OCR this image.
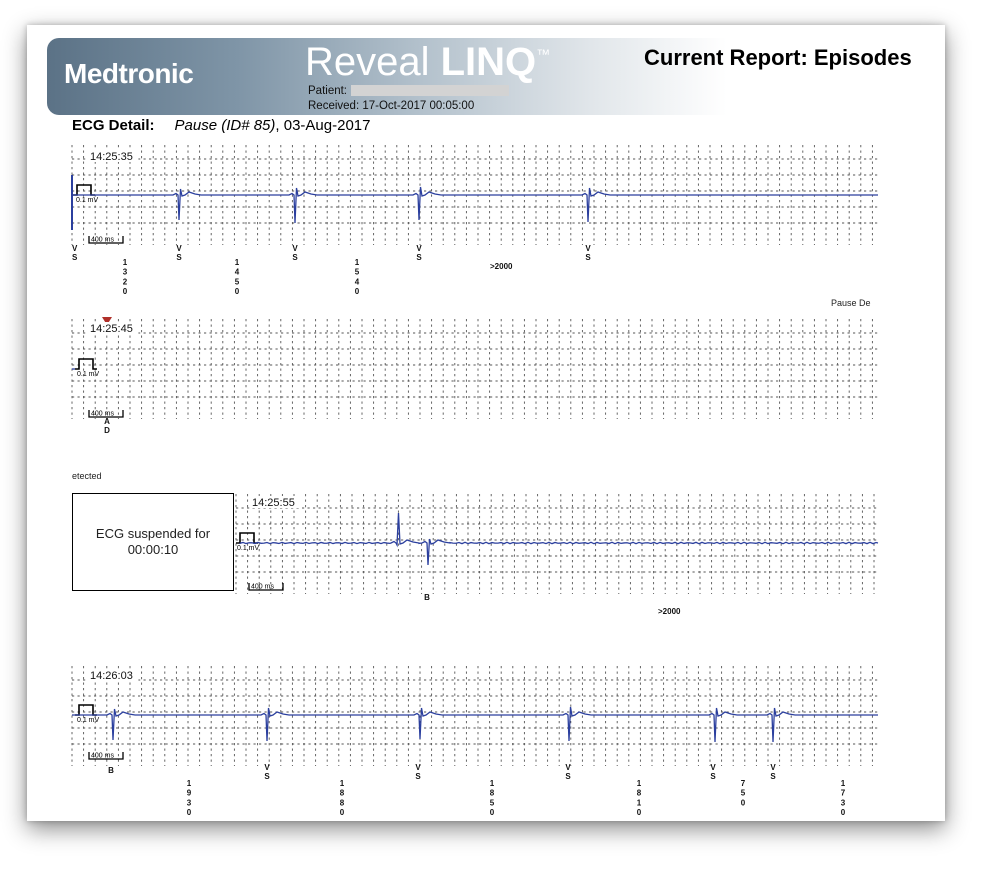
Medtronic	Reveal LINQ™
Patient:
Received: 17-Oct-2017 00:05:00
Current Report: Episodes
ECG Detail: Pause (ID# 85), 03-Aug-2017
14:25:35
0.1 mV
400 ms
V
S
V
S
V
S
V
S
V
S
1
3
2
0
1
4
5
0
1
5
4
0
>2000
Pause De
14:25:45
0.1 mV
400 ms
A
D
etected
14:25:55
0.1 mV
400 ms
B
>2000
14:26:03
0.1 mV
400 ms
B	V
S
V
S
V
S
V
S
V
S
1
9
3
0
1
8
8
0
1
8
5
0
1
8
1
0
7
5
0
1
7
3
0
ECG suspended for
00:00:10
